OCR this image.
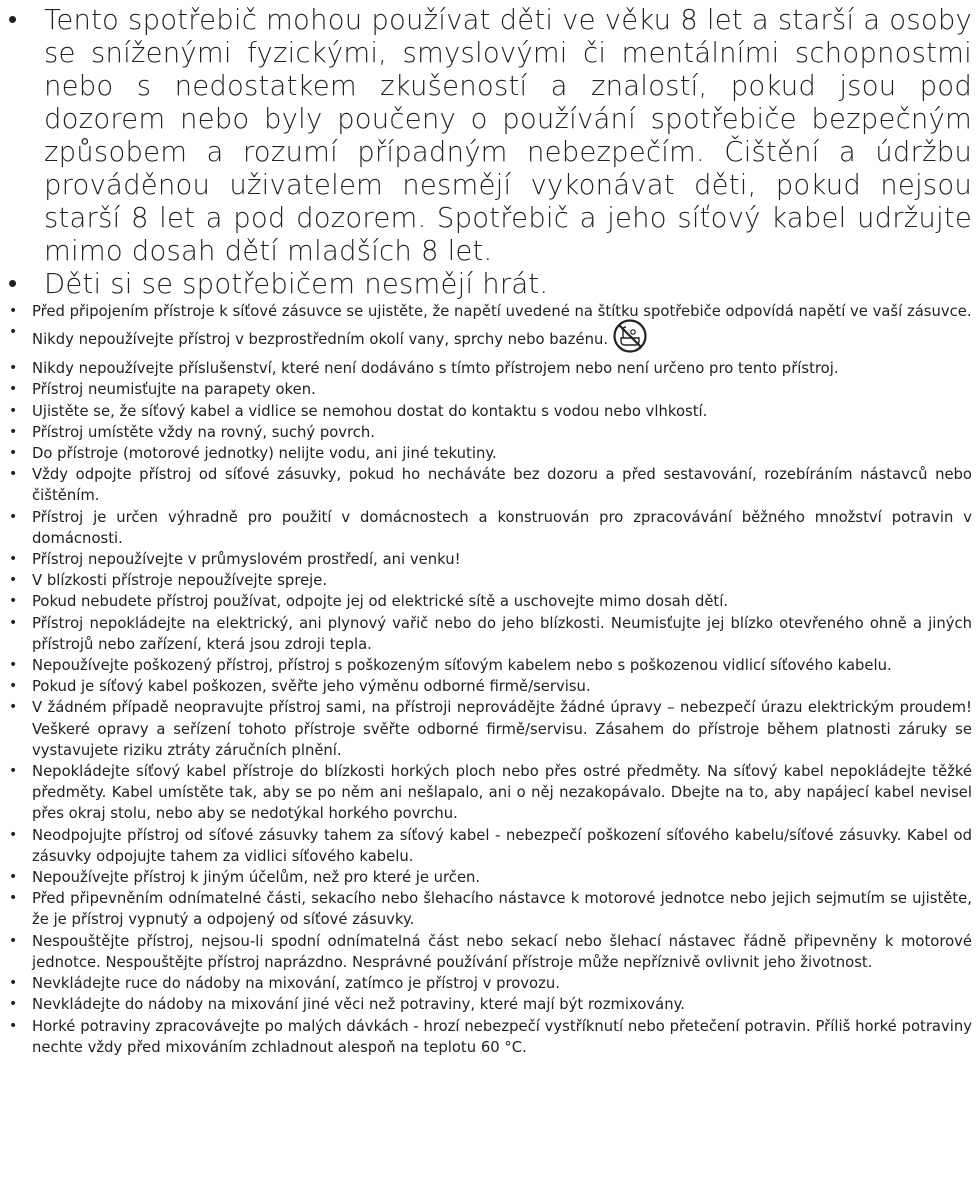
• Tento spotřebič mohou používat děti ve věku 8 let a starší a osoby se sníženými fyzickými, smyslovými či mentálními schopnostmi nebo s nedostatkem zkušeností a znalostí, pokud jsou pod dozorem nebo byly poučeny o používání spotřebiče bezpečným způsobem a rozumí případným nebezpečím. Čištění a údržbu prováděnou uživatelem nesmějí vykonávat děti, pokud nejsou starší 8 let a pod dozorem. Spotřebič a jeho síťový kabel udržujte mimo dosah dětí mladších 8 let.
• Děti si se spotřebičem nesmějí hrát.
• Před připojením přístroje k síťové zásuvce se ujistěte, že napětí uvedené na štítku spotřebiče odpovídá napětí ve vaší zásuvce.
• Nikdy nepoužívejte přístroj v bezprostředním okolí vany, sprchy nebo bazénu.
• Nikdy nepoužívejte příslušenství, které není dodáváno s tímto přístrojem nebo není určeno pro tento přístroj.
• Přístroj neumisťujte na parapety oken.
• Ujistěte se, že síťový kabel a vidlice se nemohou dostat do kontaktu s vodou nebo vlhkostí.
• Přístroj umístěte vždy na rovný, suchý povrch.
• Do přístroje (motorové jednotky) nelijte vodu, ani jiné tekutiny.
• Vždy odpojte přístroj od síťové zásuvky, pokud ho necháváte bez dozoru a před sestavování, rozebíráním nástavců nebo čištěním.
• Přístroj je určen výhradně pro použití v domácnostech a konstruován pro zpracovávání běžného množství potravin v domácnosti.
• Přístroj nepoužívejte v průmyslovém prostředí, ani venku!
• V blízkosti přístroje nepoužívejte spreje.
• Pokud nebudete přístroj používat, odpojte jej od elektrické sítě a uschovejte mimo dosah dětí.
• Přístroj nepokládejte na elektrický, ani plynový vařič nebo do jeho blízkosti. Neumisťujte jej blízko otevřeného ohně a jiných přístrojů nebo zařízení, která jsou zdroji tepla.
• Nepoužívejte poškozený přístroj, přístroj s poškozeným síťovým kabelem nebo s poškozenou vidlicí síťového kabelu.
• Pokud je síťový kabel poškozen, svěřte jeho výměnu odborné firmě/servisu.
• V žádném případě neopravujte přístroj sami, na přístroji neprovádějte žádné úpravy – nebezpečí úrazu elektrickým proudem! Veškeré opravy a seřízení tohoto přístroje svěřte odborné firmě/servisu. Zásahem do přístroje během platnosti záruky se vystavujete riziku ztráty záručních plnění.
• Nepokládejte síťový kabel přístroje do blízkosti horkých ploch nebo přes ostré předměty. Na síťový kabel nepokládejte těžké předměty. Kabel umístěte tak, aby se po něm ani nešlapalo, ani o něj nezakopávalo. Dbejte na to, aby napájecí kabel nevisel přes okraj stolu, nebo aby se nedotýkal horkého povrchu.
• Neodpojujte přístroj od síťové zásuvky tahem za síťový kabel - nebezpečí poškození síťového kabelu/síťové zásuvky. Kabel od zásuvky odpojujte tahem za vidlici síťového kabelu.
• Nepoužívejte přístroj k jiným účelům, než pro které je určen.
• Před připevněním odnímatelné části, sekacího nebo šlehacího nástavce k motorové jednotce nebo jejich sejmutím se ujistěte, že je přístroj vypnutý a odpojený od síťové zásuvky.
• Nespouštějte přístroj, nejsou-li spodní odnímatelná část nebo sekací nebo šlehací nástavec řádně připevněny k motorové jednotce. Nespouštějte přístroj naprázdno. Nesprávné používání přístroje může nepříznivě ovlivnit jeho životnost.
• Nevkládejte ruce do nádoby na mixování, zatímco je přístroj v provozu.
• Nevkládejte do nádoby na mixování jiné věci než potraviny, které mají být rozmixovány.
• Horké potraviny zpracovávejte po malých dávkách - hrozí nebezpečí vystříknutí nebo přetečení potravin. Příliš horké potraviny nechte vždy před mixováním zchladnout alespoň na teplotu 60 °C.
